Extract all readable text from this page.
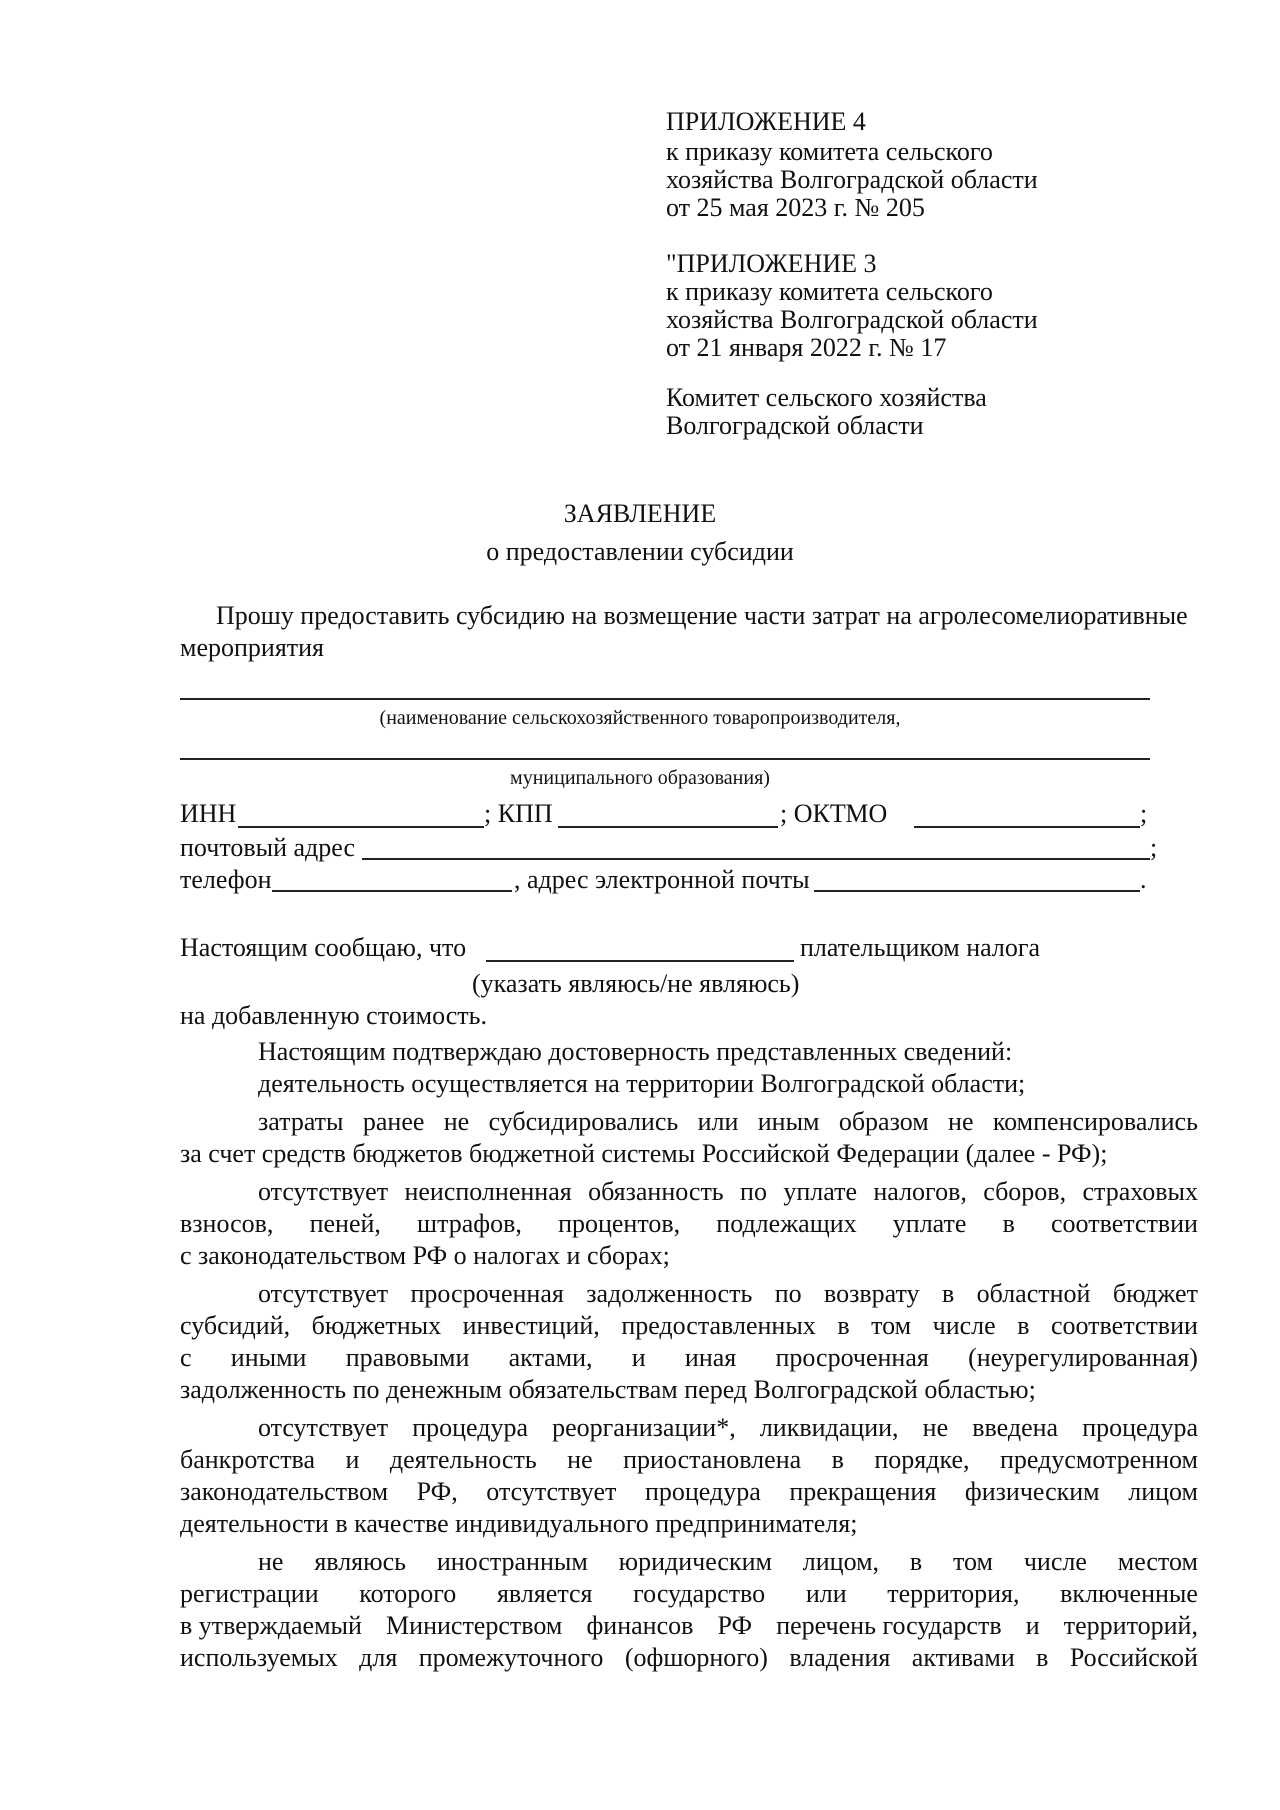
ПРИЛОЖЕНИЕ 4
к приказу комитета сельского
хозяйства Волгоградской области
от 25 мая 2023 г. № 205
"ПРИЛОЖЕНИЕ 3
к приказу комитета сельского
хозяйства Волгоградской области
от 21 января 2022 г. № 17
Комитет сельского хозяйства
Волгоградской области
ЗАЯВЛЕНИЕ
о предоставлении субсидии
Прошу предоставить субсидию на возмещение части затрат на агролесомелиоративные
мероприятия
(наименование сельскохозяйственного товаропроизводителя,
муниципального образования)
ИНН	; КПП	; ОКТМО	;
почтовый адрес	;
телефон	, адрес электронной почты	.
Настоящим сообщаю, что	плательщиком налога
(указать являюсь/не являюсь)
на добавленную стоимость.
Настоящим подтверждаю достоверность представленных сведений:
деятельность осуществляется на территории Волгоградской области;
затраты ранее не субсидировались или иным образом не компенсировались
за счет средств бюджетов бюджетной системы Российской Федерации (далее - РФ);
отсутствует неисполненная обязанность по уплате налогов, сборов, страховых
взносов, пеней, штрафов, процентов, подлежащих уплате в соответствии
с законодательством РФ о налогах и сборах;
отсутствует просроченная задолженность по возврату в областной бюджет
субсидий, бюджетных инвестиций, предоставленных в том числе в соответствии
с иными правовыми актами, и иная просроченная (неурегулированная)
задолженность по денежным обязательствам перед Волгоградской областью;
отсутствует процедура реорганизации*, ликвидации, не введена процедура
банкротства и деятельность не приостановлена в порядке, предусмотренном
законодательством РФ, отсутствует процедура прекращения физическим лицом
деятельности в качестве индивидуального предпринимателя;
не являюсь иностранным юридическим лицом, в том числе местом
регистрации которого является государство или территория, включенные
в утверждаемый Министерством финансов РФ перечень государств и территорий,
используемых для промежуточного (офшорного) владения активами в Российской
